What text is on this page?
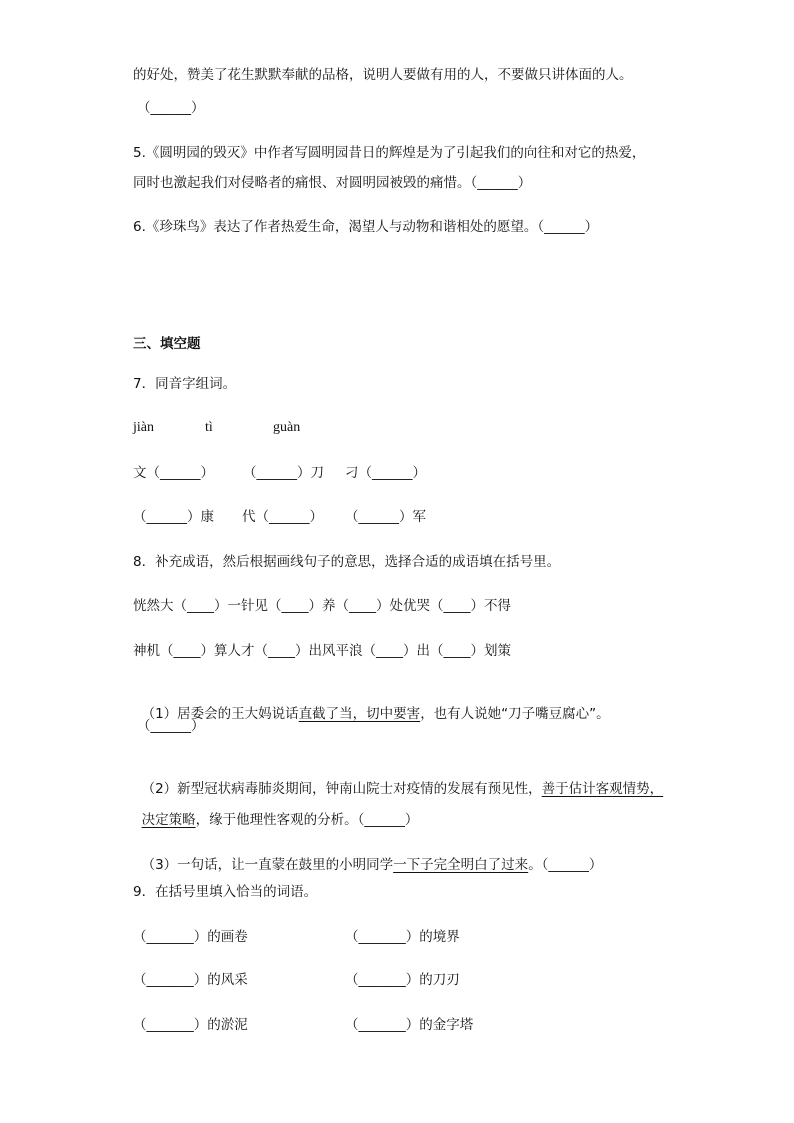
的好处，赞美了花生默默奉献的品格，说明人要做有用的人，不要做只讲体面的人。
（______）
5.《圆明园的毁灭》中作者写圆明园昔日的辉煌是为了引起我们的向往和对它的热爱，
同时也激起我们对侵略者的痛恨、对圆明园被毁的痛惜。（______）
6.《珍珠鸟》表达了作者热爱生命，渴望人与动物和谐相处的愿望。（______）
三、填空题
7．同音字组词。
jiàn	tì	guàn
文（______） （______）刀 刁（______）
（______）康 代（______） （______）军
8．补充成语，然后根据画线句子的意思，选择合适的成语填在括号里。
恍然大（____）一针见（____）养（____）处优哭（____）不得
神机（____）算人才（____）出风平浪（____）出（____）划策

（1）居委会的王大妈说话直截了当，切中要害，也有人说她“刀子嘴豆腐心”。

（______）

（2）新型冠状病毒肺炎期间，钟南山院士对疫情的发展有预见性，善于估计客观情势，

决定策略，缘于他理性客观的分析。（______）

（3）一句话，让一直蒙在鼓里的小明同学一下子完全明白了过来。（______）

9．在括号里填入恰当的词语。
（_______）的画卷	（_______）的境界
（_______）的风采	（_______）的刀刃
（_______）的淤泥	（_______）的金字塔
